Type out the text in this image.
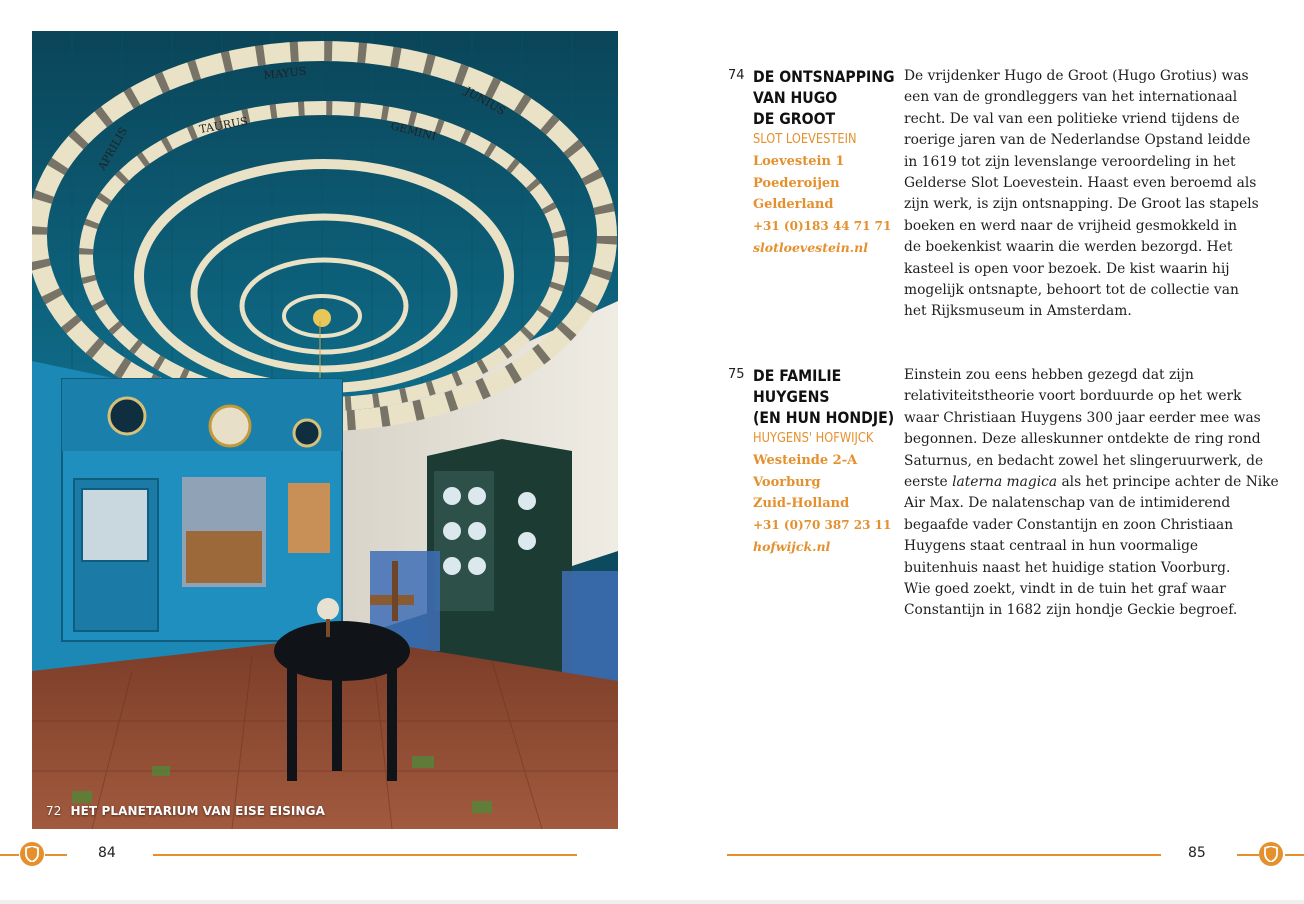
MAYUS
TAURUS	GEMINI
APRILIS
JUNIUS
72 HET PLANETARIUM VAN EISE EISINGA
84
74 DE ONTSNAPPING
VAN HUGO
DE GROOT
SLOT LOEVESTEIN
Loevestein 1
Poederoijen
Gelderland
+31 (0)183 44 71 71
slotloevestein.nl
De vrijdenker Hugo de Groot (Hugo Grotius) was
een van de grondleggers van het internationaal
recht. De val van een politieke vriend tijdens de
roerige jaren van de Nederlandse Opstand leidde
in 1619 tot zijn levenslange veroordeling in het
Gelderse Slot Loevestein. Haast even beroemd als
zijn werk, is zijn ontsnapping. De Groot las stapels
boeken en werd naar de vrijheid gesmokkeld in
de boekenkist waarin die werden bezorgd. Het
kasteel is open voor bezoek. De kist waarin hij
mogelijk ontsnapte, behoort tot de collectie van
het Rijksmuseum in Amsterdam.
75 DE FAMILIE
HUYGENS
(EN HUN HONDJE)
HUYGENS' HOFWIJCK
Westeinde 2-A
Voorburg
Zuid-Holland
+31 (0)70 387 23 11
hofwijck.nl
Einstein zou eens hebben gezegd dat zijn
relativiteitstheorie voort borduurde op het werk
waar Christiaan Huygens 300 jaar eerder mee was
begonnen. Deze alleskunner ontdekte de ring rond
Saturnus, en bedacht zowel het slingeruurwerk, de
eerste laterna magica als het principe achter de Nike
Air Max. De nalatenschap van de intimiderend
begaafde vader Constantijn en zoon Christiaan
Huygens staat centraal in hun voormalige
buitenhuis naast het huidige station Voorburg.
Wie goed zoekt, vindt in de tuin het graf waar
Constantijn in 1682 zijn hondje Geckie begroef.
85
